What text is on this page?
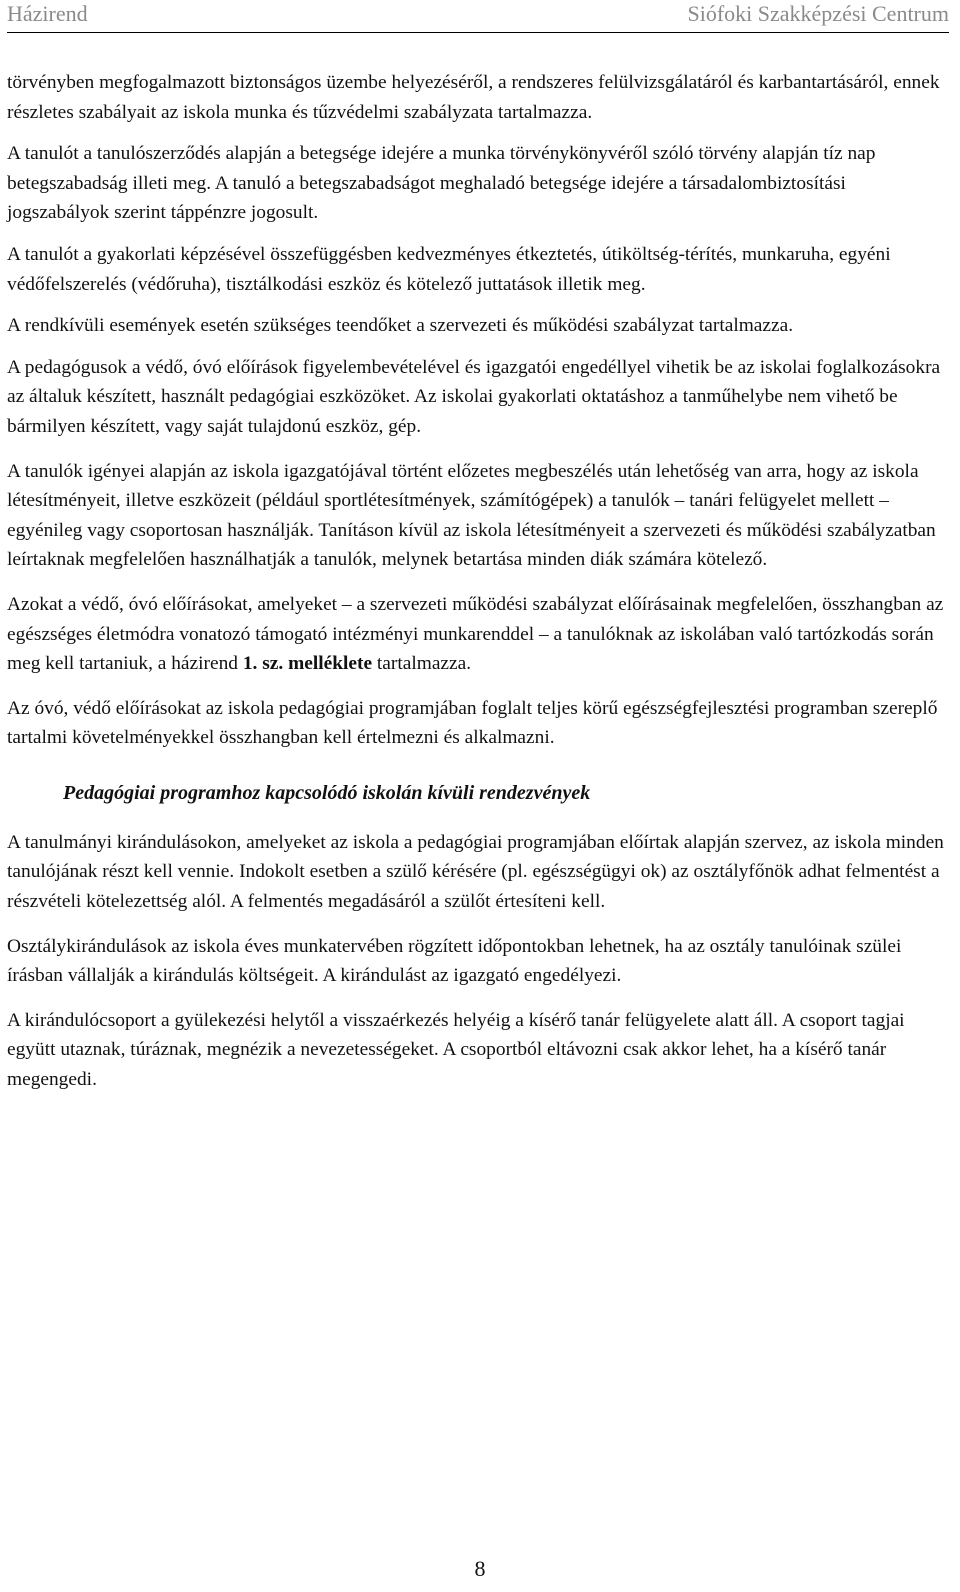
Házirend	Siófoki Szakképzési Centrum

törvényben megfogalmazott biztonságos üzembe helyezéséről, a rendszeres felülvizsgálatáról és karbantartásáról, ennek részletes szabályait az iskola munka és tűzvédelmi szabályzata tartalmazza.

A tanulót a tanulószerződés alapján a betegsége idejére a munka törvénykönyvéről szóló törvény alapján tíz nap betegszabadság illeti meg. A tanuló a betegszabadságot meghaladó betegsége idejére a társadalombiztosítási jogszabályok szerint táppénzre jogosult.

A tanulót a gyakorlati képzésével összefüggésben kedvezményes étkeztetés, útiköltség-térítés, munkaruha, egyéni védőfelszerelés (védőruha), tisztálkodási eszköz és kötelező juttatások illetik meg.

A rendkívüli események esetén szükséges teendőket a szervezeti és működési szabályzat tartalmazza.

A pedagógusok a védő, óvó előírások figyelembevételével és igazgatói engedéllyel vihetik be az iskolai foglalkozásokra az általuk készített, használt pedagógiai eszközöket. Az iskolai gyakorlati oktatáshoz a tanműhelybe nem vihető be bármilyen készített, vagy saját tulajdonú eszköz, gép.

A tanulók igényei alapján az iskola igazgatójával történt előzetes megbeszélés után lehetőség van arra, hogy az iskola létesítményeit, illetve eszközeit (például sportlétesítmények, számítógépek) a tanulók – tanári felügyelet mellett – egyénileg vagy csoportosan használják. Tanításon kívül az iskola létesítményeit a szervezeti és működési szabályzatban leírtaknak megfelelően használhatják a tanulók, melynek betartása minden diák számára kötelező.

Azokat a védő, óvó előírásokat, amelyeket – a szervezeti működési szabályzat előírásainak megfelelően, összhangban az egészséges életmódra vonatozó támogató intézményi munkarenddel – a tanulóknak az iskolában való tartózkodás során meg kell tartaniuk, a házirend 1. sz. melléklete tartalmazza.

Az óvó, védő előírásokat az iskola pedagógiai programjában foglalt teljes körű egészségfejlesztési programban szereplő tartalmi követelményekkel összhangban kell értelmezni és alkalmazni.

Pedagógiai programhoz kapcsolódó iskolán kívüli rendezvények

A tanulmányi kirándulásokon, amelyeket az iskola a pedagógiai programjában előírtak alapján szervez, az iskola minden tanulójának részt kell vennie. Indokolt esetben a szülő kérésére (pl. egészségügyi ok) az osztályfőnök adhat felmentést a részvételi kötelezettség alól. A felmentés megadásáról a szülőt értesíteni kell.

Osztálykirándulások az iskola éves munkatervében rögzített időpontokban lehetnek, ha az osztály tanulóinak szülei írásban vállalják a kirándulás költségeit. A kirándulást az igazgató engedélyezi.

A kirándulócsoport a gyülekezési helytől a visszaérkezés helyéig a kísérő tanár felügyelete alatt áll. A csoport tagjai együtt utaznak, túráznak, megnézik a nevezetességeket. A csoportból eltávozni csak akkor lehet, ha a kísérő tanár megengedi.

8
